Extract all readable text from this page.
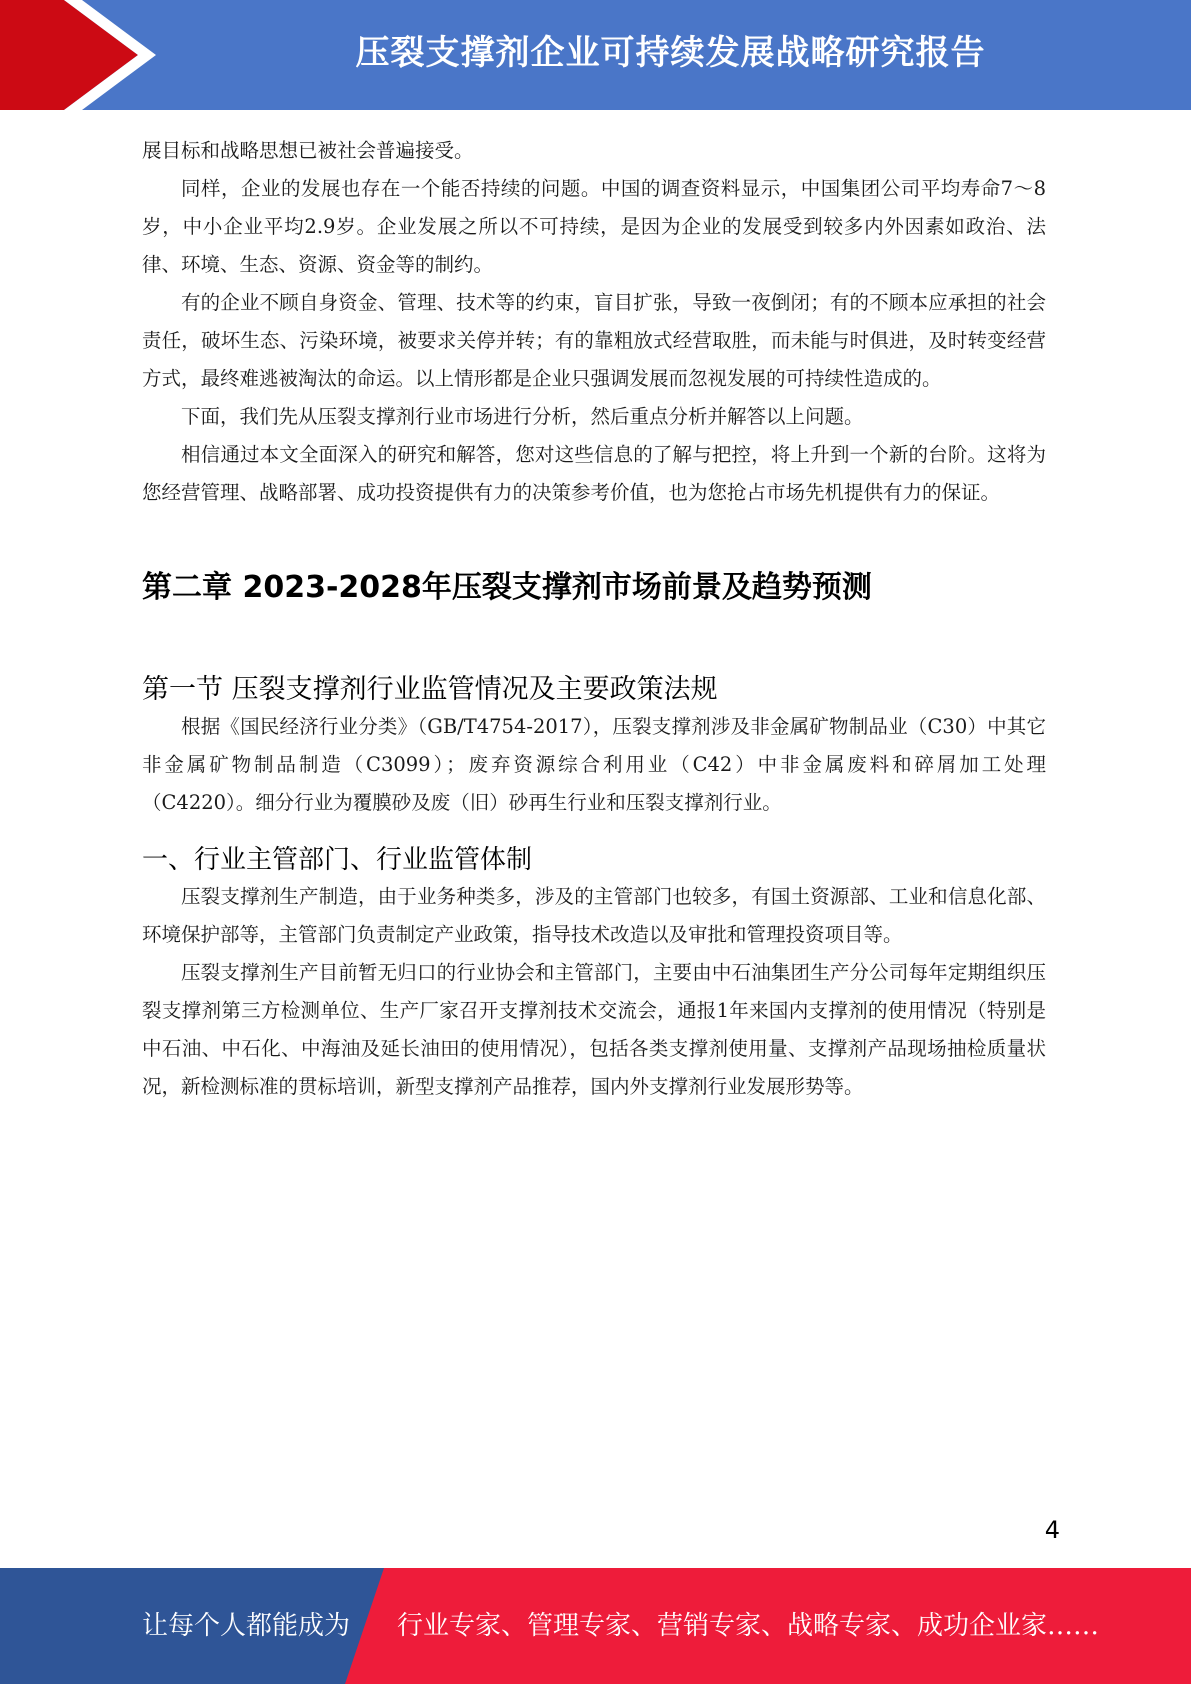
压裂支撑剂企业可持续发展战略研究报告

展目标和战略思想已被社会普遍接受。

同样，企业的发展也存在一个能否持续的问题。中国的调查资料显示，中国集团公司平均寿命7～8岁，中小企业平均2.9岁。企业发展之所以不可持续，是因为企业的发展受到较多内外因素如政治、法律、环境、生态、资源、资金等的制约。

有的企业不顾自身资金、管理、技术等的约束，盲目扩张，导致一夜倒闭；有的不顾本应承担的社会责任，破坏生态、污染环境，被要求关停并转；有的靠粗放式经营取胜，而未能与时俱进，及时转变经营方式，最终难逃被淘汰的命运。以上情形都是企业只强调发展而忽视发展的可持续性造成的。

下面，我们先从压裂支撑剂行业市场进行分析，然后重点分析并解答以上问题。

相信通过本文全面深入的研究和解答，您对这些信息的了解与把控，将上升到一个新的台阶。这将为您经营管理、战略部署、成功投资提供有力的决策参考价值，也为您抢占市场先机提供有力的保证。

第二章 2023-2028年压裂支撑剂市场前景及趋势预测
第一节 压裂支撑剂行业监管情况及主要政策法规

根据《国民经济行业分类》（GB/T4754-2017），压裂支撑剂涉及非金属矿物制品业（C30）中其它非金属矿物制品制造（C3099）；废弃资源综合利用业（C42）中非金属废料和碎屑加工处理（C4220）。细分行业为覆膜砂及废（旧）砂再生行业和压裂支撑剂行业。

一、行业主管部门、行业监管体制

压裂支撑剂生产制造，由于业务种类多，涉及的主管部门也较多，有国土资源部、工业和信息化部、环境保护部等，主管部门负责制定产业政策，指导技术改造以及审批和管理投资项目等。

压裂支撑剂生产目前暂无归口的行业协会和主管部门，主要由中石油集团生产分公司每年定期组织压裂支撑剂第三方检测单位、生产厂家召开支撑剂技术交流会，通报1年来国内支撑剂的使用情况（特别是中石油、中石化、中海油及延长油田的使用情况），包括各类支撑剂使用量、支撑剂产品现场抽检质量状况，新检测标准的贯标培训，新型支撑剂产品推荐，国内外支撑剂行业发展形势等。

4
让每个人都能成为 行业专家、管理专家、营销专家、战略专家、成功企业家……
